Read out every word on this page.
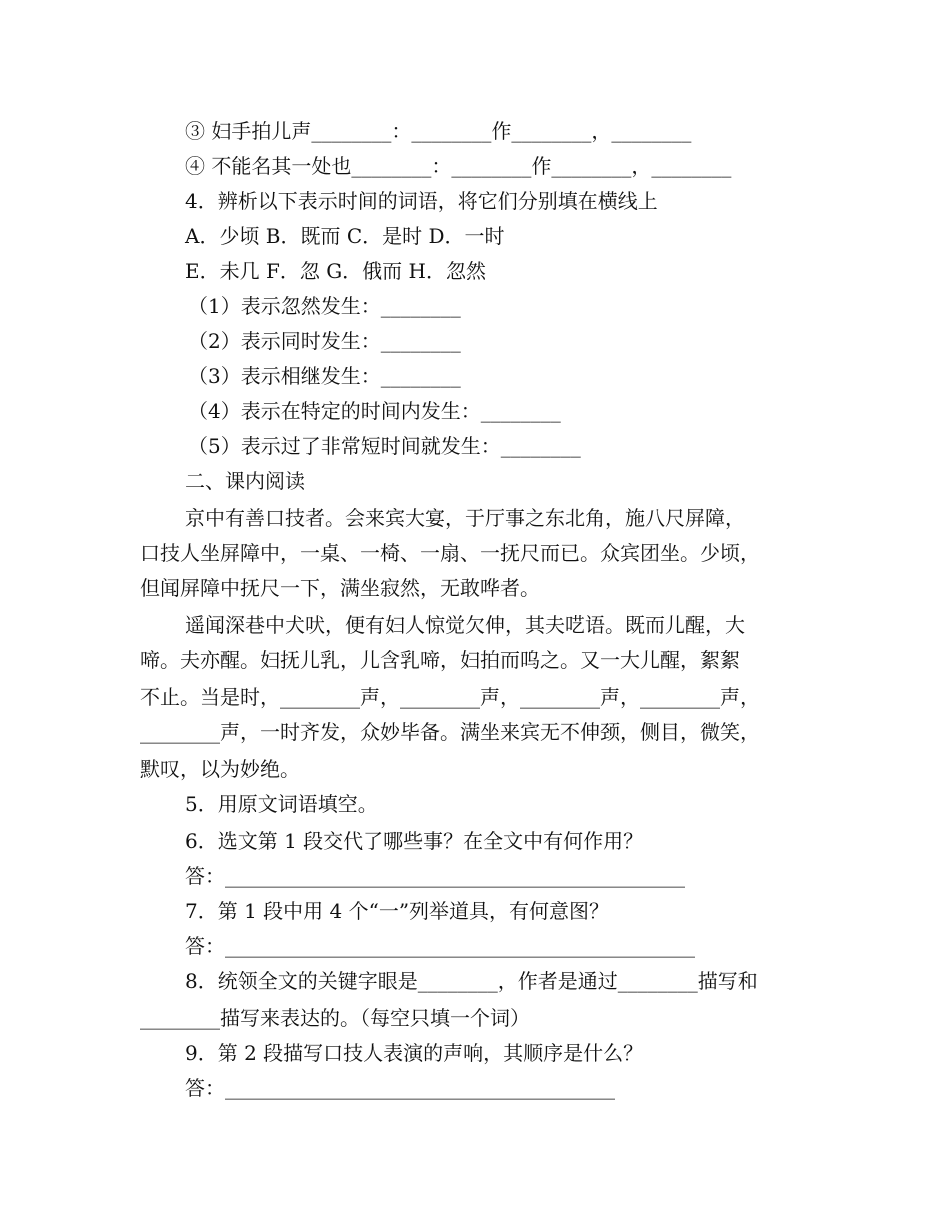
③ 妇手拍儿声________：________作________，________
④ 不能名其一处也________：________作________，________
4．辨析以下表示时间的词语，将它们分别填在横线上
A．少顷 B．既而 C．是时 D．一时
E．未几 F．忽 G．俄而 H．忽然
（1）表示忽然发生：________
（2）表示同时发生：________
（3）表示相继发生：________
（4）表示在特定的时间内发生：________
（5）表示过了非常短时间就发生：________
二、课内阅读
京中有善口技者。会来宾大宴，于厅事之东北角，施八尺屏障，
口技人坐屏障中，一桌、一椅、一扇、一抚尺而已。众宾团坐。少顷，
但闻屏障中抚尺一下，满坐寂然，无敢哗者。
遥闻深巷中犬吠，便有妇人惊觉欠伸，其夫呓语。既而儿醒，大
啼。夫亦醒。妇抚儿乳，儿含乳啼，妇拍而呜之。又一大儿醒，絮絮
不止。当是时，________声，________声，________声，________声，
________声，一时齐发，众妙毕备。满坐来宾无不伸颈，侧目，微笑，
默叹，以为妙绝。
5．用原文词语填空。
6．选文第 1 段交代了哪些事？在全文中有何作用？
答：______________________________________________
7．第 1 段中用 4 个“一”列举道具，有何意图？
答：_______________________________________________
8．统领全文的关键字眼是________，作者是通过________描写和
________描写来表达的。（每空只填一个词）
9．第 2 段描写口技人表演的声响，其顺序是什么？
答：_______________________________________
